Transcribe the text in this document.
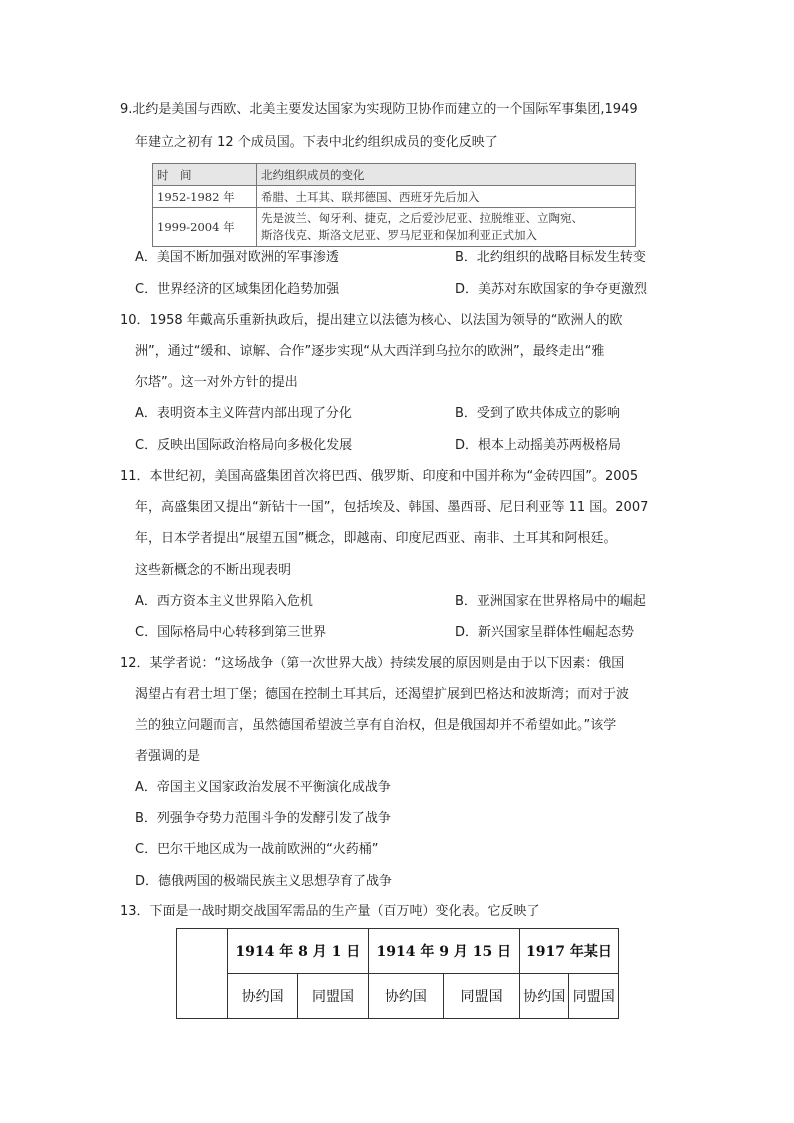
9.北约是美国与西欧、北美主要发达国家为实现防卫协作而建立的一个国际军事集团,1949
年建立之初有 12 个成员国。下表中北约组织成员的变化反映了
时　间	北约组织成员的变化
1952-1982 年	希腊、土耳其、联邦德国、西班牙先后加入
1999-2004 年	先是波兰、匈牙利、捷克，之后爱沙尼亚、拉脱维亚、立陶宛、
斯洛伐克、斯洛文尼亚、罗马尼亚和保加利亚正式加入
A．美国不断加强对欧洲的军事渗透	B．北约组织的战略目标发生转变
C．世界经济的区域集团化趋势加强	D．美苏对东欧国家的争夺更激烈
10．1958 年戴高乐重新执政后，提出建立以法德为核心、以法国为领导的“欧洲人的欧
洲”，通过“缓和、谅解、合作”逐步实现“从大西洋到乌拉尔的欧洲”，最终走出“雅
尔塔”。这一对外方针的提出
A．表明资本主义阵营内部出现了分化	B．受到了欧共体成立的影响
C．反映出国际政治格局向多极化发展	D．根本上动摇美苏两极格局
11．本世纪初，美国高盛集团首次将巴西、俄罗斯、印度和中国并称为“金砖四国”。2005
年，高盛集团又提出“新钻十一国”，包括埃及、韩国、墨西哥、尼日利亚等 11 国。2007
年，日本学者提出“展望五国”概念，即越南、印度尼西亚、南非、土耳其和阿根廷。
这些新概念的不断出现表明
A．西方资本主义世界陷入危机	B．亚洲国家在世界格局中的崛起
C．国际格局中心转移到第三世界	D．新兴国家呈群体性崛起态势
12．某学者说：“这场战争（第一次世界大战）持续发展的原因则是由于以下因素：俄国
渴望占有君士坦丁堡；德国在控制土耳其后，还渴望扩展到巴格达和波斯湾；而对于波
兰的独立问题而言，虽然德国希望波兰享有自治权，但是俄国却并不希望如此。”该学
者强调的是
A．帝国主义国家政治发展不平衡演化成战争
B．列强争夺势力范围斗争的发酵引发了战争
C．巴尔干地区成为一战前欧洲的“火药桶”
D．德俄两国的极端民族主义思想孕育了战争
13．下面是一战时期交战国军需品的生产量（百万吨）变化表。它反映了
	1914 年 8 月 1 日		1914 年 9 月 15 日		1917 年某日	
	协约国	同盟国	协约国	同盟国	协约国	同盟国
